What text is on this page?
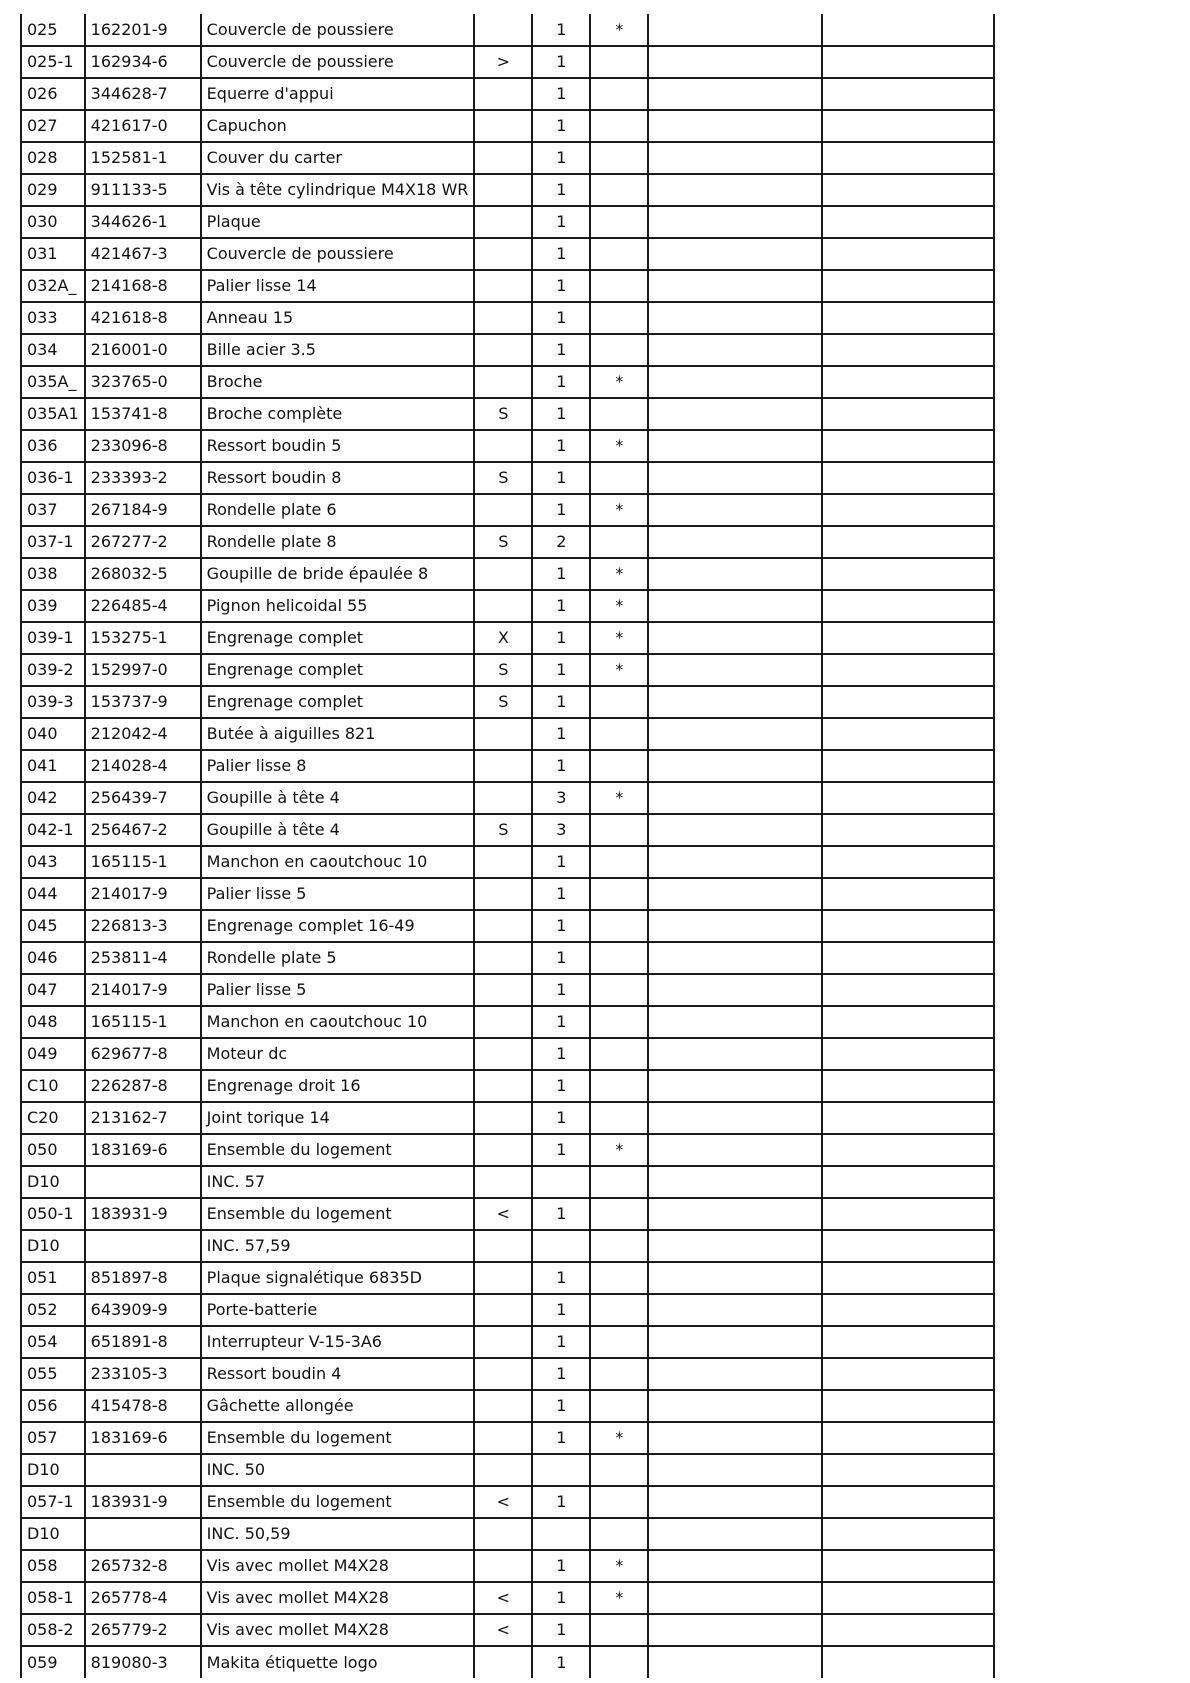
025	162201-9	Couvercle de poussiere		1	*		
025-1	162934-6	Couvercle de poussiere	>	1			
026	344628-7	Equerre d'appui		1			
027	421617-0	Capuchon		1			
028	152581-1	Couver du carter		1			
029	911133-5	Vis à tête cylindrique M4X18 WR		1			
030	344626-1	Plaque		1			
031	421467-3	Couvercle de poussiere		1			
032A_	214168-8	Palier lisse 14		1			
033	421618-8	Anneau 15		1			
034	216001-0	Bille acier 3.5		1			
035A_	323765-0	Broche		1	*		
035A1	153741-8	Broche complète	S	1			
036	233096-8	Ressort boudin 5		1	*		
036-1	233393-2	Ressort boudin 8	S	1			
037	267184-9	Rondelle plate 6		1	*		
037-1	267277-2	Rondelle plate 8	S	2			
038	268032-5	Goupille de bride épaulée 8		1	*		
039	226485-4	Pignon helicoidal 55		1	*		
039-1	153275-1	Engrenage complet	X	1	*		
039-2	152997-0	Engrenage complet	S	1	*		
039-3	153737-9	Engrenage complet	S	1			
040	212042-4	Butée à aiguilles 821		1			
041	214028-4	Palier lisse 8		1			
042	256439-7	Goupille à tête 4		3	*		
042-1	256467-2	Goupille à tête 4	S	3			
043	165115-1	Manchon en caoutchouc 10		1			
044	214017-9	Palier lisse 5		1			
045	226813-3	Engrenage complet 16-49		1			
046	253811-4	Rondelle plate 5		1			
047	214017-9	Palier lisse 5		1			
048	165115-1	Manchon en caoutchouc 10		1			
049	629677-8	Moteur dc		1			
C10	226287-8	Engrenage droit 16		1			
C20	213162-7	Joint torique 14		1			
050	183169-6	Ensemble du logement		1	*		
D10		INC. 57					
050-1	183931-9	Ensemble du logement	<	1			
D10		INC. 57,59					
051	851897-8	Plaque signalétique 6835D		1			
052	643909-9	Porte-batterie		1			
054	651891-8	Interrupteur V-15-3A6		1			
055	233105-3	Ressort boudin 4		1			
056	415478-8	Gâchette allongée		1			
057	183169-6	Ensemble du logement		1	*		
D10		INC. 50					
057-1	183931-9	Ensemble du logement	<	1			
D10		INC. 50,59					
058	265732-8	Vis avec mollet M4X28		1	*		
058-1	265778-4	Vis avec mollet M4X28	<	1	*		
058-2	265779-2	Vis avec mollet M4X28	<	1			
059	819080-3	Makita étiquette logo		1			
